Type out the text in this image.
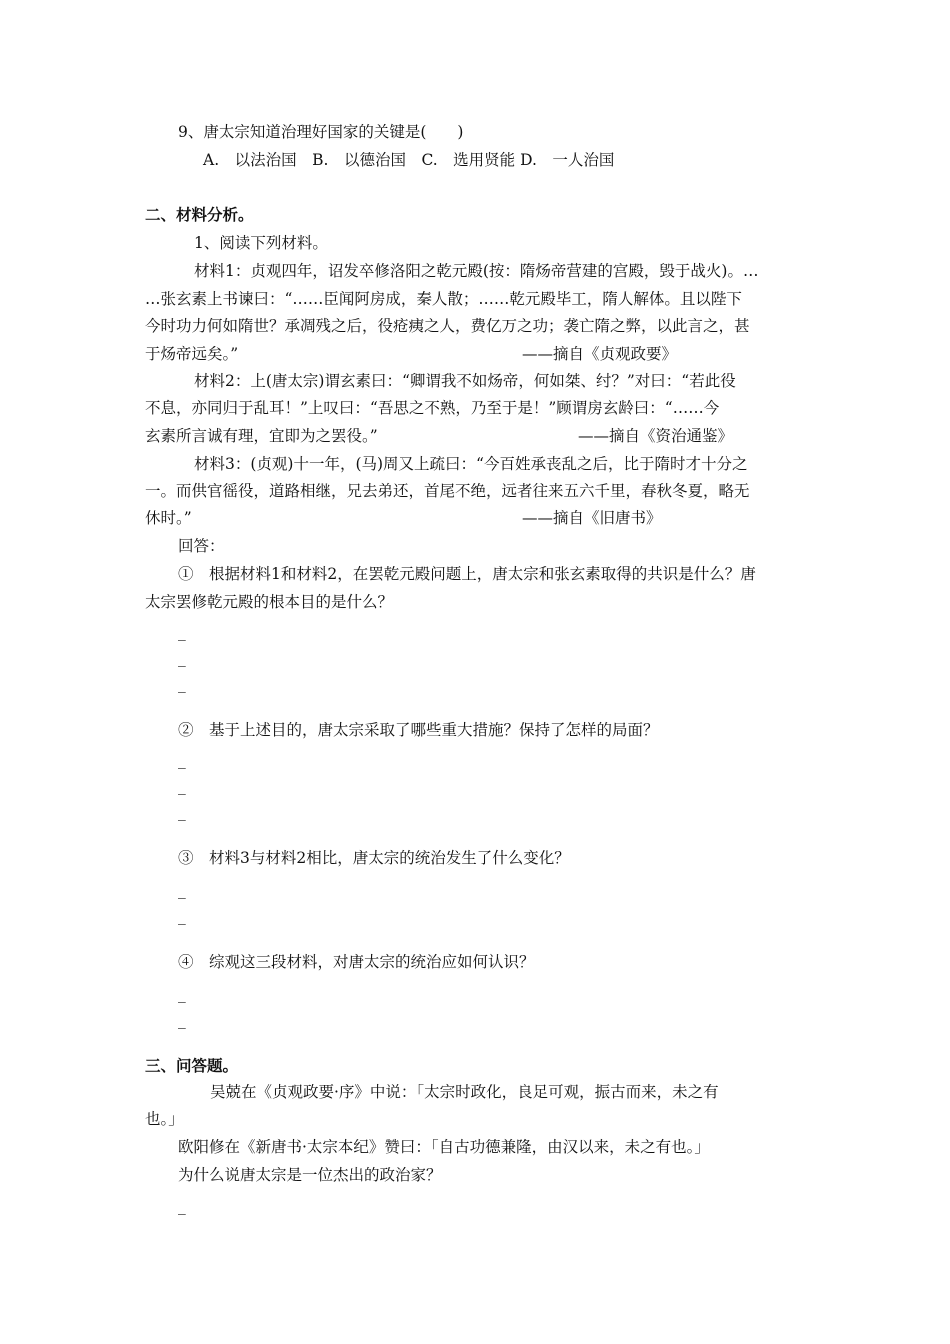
9、唐太宗知道治理好国家的关键是(　　)
A.　以法治国　B.　以德治国　C.　选用贤能 D.　一人治国
二、材料分析。
1、阅读下列材料。
材料1：贞观四年，诏发卒修洛阳之乾元殿(按：隋炀帝营建的宫殿，毁于战火)。…
…张玄素上书谏曰：“……臣闻阿房成，秦人散；……乾元殿毕工，隋人解体。且以陛下
今时功力何如隋世？承凋残之后，役疮痍之人，费亿万之功；袭亡隋之弊，以此言之，甚
于炀帝远矣。”	——摘自《贞观政要》
材料2：上(唐太宗)谓玄素曰：“卿谓我不如炀帝，何如桀、纣？”对曰：“若此役
不息，亦同归于乱耳！”上叹曰：“吾思之不熟，乃至于是！”顾谓房玄龄曰：“……今
玄素所言诚有理，宜即为之罢役。”	——摘自《资治通鉴》
材料3：(贞观)十一年，(马)周又上疏曰：“今百姓承丧乱之后，比于隋时才十分之
一。而供官徭役，道路相继，兄去弟还，首尾不绝，远者往来五六千里，春秋冬夏，略无
休时。”	——摘自《旧唐书》
回答：
①　根据材料1和材料2，在罢乾元殿问题上，唐太宗和张玄素取得的共识是什么？唐
太宗罢修乾元殿的根本目的是什么？
_
_
_
②　基于上述目的，唐太宗采取了哪些重大措施？保持了怎样的局面？
_
_
_
③　材料3与材料2相比，唐太宗的统治发生了什么变化？
_
_
④　综观这三段材料，对唐太宗的统治应如何认识？
_
_
三、问答题。
吴兢在《贞观政要·序》中说：「太宗时政化，良足可观，振古而来，未之有
也。」
欧阳修在《新唐书·太宗本纪》赞曰：「自古功德兼隆，由汉以来，未之有也。」
为什么说唐太宗是一位杰出的政治家？
_
